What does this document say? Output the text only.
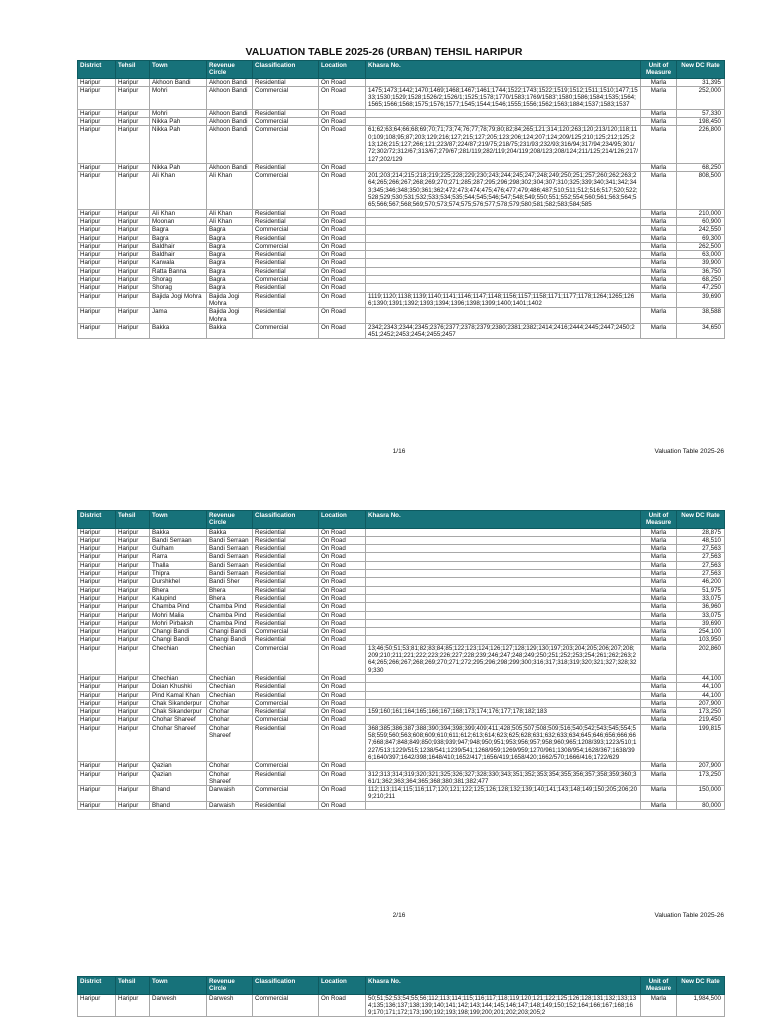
VALUATION TABLE 2025-26 (URBAN) TEHSIL HARIPUR
District	Tehsil	Town	Revenue Circle	Classification	Location	Khasra No.	Unit of Measure	New DC Rate
Haripur	Haripur	Akhoon Bandi	Akhoon Bandi	Residential	On Road		Marla	31,395
Haripur	Haripur	Mohri	Akhoon Bandi	Commercial	On Road	1475;1473;1442;1470;1469;1468;1467;1461;1744;1522;1743;1522;1519;1512;1511;1510;1477;1533;1530;1529;1528;1526/2;1526/1;1525;1578;1770/1583;1769/1583';1580;1586;1584;1535;1564;1565;1566;1568;1575;1576;1577;1545;1544;1546;1555;1556;1562;1563;1884;1537;1583;1537	Marla	252,000
Haripur	Haripur	Mohri	Akhoon Bandi	Residential	On Road		Marla	57,330
Haripur	Haripur	Nikka Pah	Akhoon Bandi	Commercial	On Road		Marla	198,450
Haripur	Haripur	Nikka Pah	Akhoon Bandi	Commercial	On Road	61;62;63;64;66;68;69;70;71;73;74;76;77;78;79;80;82;84;265;121;314;120;263;120;213/120;118;110;109;108;95;87;203;129;216;127;215;127;205;123;206;124;207;124;209/125;210;125;212;125;213;126;215;127;266;121;223/87;224/87;219/75;218/75;231/93;232/93;316/94;317/94;234/95;301/72;302/72;312/67;313/67;279/67;281/119;282/119;204/119;208/123;208/124;211/125;214/126;217/127;202/129	Marla	226,800
Haripur	Haripur	Nikka Pah	Akhoon Bandi	Residential	On Road		Marla	68,250
Haripur	Haripur	Ali Khan	Ali Khan	Commercial	On Road	201;203;214;215;218;219;225;228;229;230;243;244;245;247;248;249;250;251;257;260;262;263;264;265;266;267;268;269;270;271;285;287;295;296;298;302;304;307;310;325;339;340;341;342;343;345;346;348;350;361;362;472;473;474;475;476;477;479;486;487;510;511;512;516;517;520;522;528;529;530;531;532;533;534;535;544;545;546;547;548;549;550;551;552;554;560;561;563;564;565;566;567;568;569;570;573;574;575;576;577;578;579;580;581;582;583;584;585	Marla	808,500
Haripur	Haripur	Ali Khan	Ali Khan	Residential	On Road		Marla	210,000
Haripur	Haripur	Moonan	Ali Khan	Residential	On Road		Marla	60,900
Haripur	Haripur	Bagra	Bagra	Commercial	On Road		Marla	242,550
Haripur	Haripur	Bagra	Bagra	Residential	On Road		Marla	69,300
Haripur	Haripur	Baldhair	Bagra	Commercial	On Road		Marla	262,500
Haripur	Haripur	Baldhair	Bagra	Residential	On Road		Marla	63,000
Haripur	Haripur	Karwala	Bagra	Residential	On Road		Marla	39,900
Haripur	Haripur	Ratta Banna	Bagra	Residential	On Road		Marla	36,750
Haripur	Haripur	Shorag	Bagra	Commercial	On Road		Marla	68,250
Haripur	Haripur	Shorag	Bagra	Residential	On Road		Marla	47,250
Haripur	Haripur	Bajida Jogi Mohra	Bajida Jogi Mohra	Residential	On Road	1119;1120;1138;1139;1140;1141;1146;1147;1148;1156;1157;1158;1171;1177;1178;1264;1265;1266;1390;1391;1392;1393;1394;1396;1398;1399;1400;1401;1402	Marla	39,690
Haripur	Haripur	Jama	Bajida Jogi Mohra	Residential	On Road		Marla	38,588
Haripur	Haripur	Bakka	Bakka	Commercial	On Road	2342;2343;2344;2345;2376;2377;2378;2379;2380;2381;2382;2414;2416;2444;2445;2447;2450;2451;2452;2453;2454;2455;2457	Marla	34,650
1/16	Valuation Table 2025-26
District	Tehsil	Town	Revenue Circle	Classification	Location	Khasra No.	Unit of Measure	New DC Rate
Haripur	Haripur	Bakka	Bakka	Residential	On Road		Marla	28,875
Haripur	Haripur	Bandi Serraan	Bandi Serraan	Residential	On Road		Marla	48,510
Haripur	Haripur	Gulham	Bandi Serraan	Residential	On Road		Marla	27,563
Haripur	Haripur	Rarra	Bandi Serraan	Residential	On Road		Marla	27,563
Haripur	Haripur	Thalla	Bandi Serraan	Residential	On Road		Marla	27,563
Haripur	Haripur	Thipra	Bandi Serraan	Residential	On Road		Marla	27,563
Haripur	Haripur	Durshkhel	Bandi Sher	Residential	On Road		Marla	46,200
Haripur	Haripur	Bhera	Bhera	Residential	On Road		Marla	51,975
Haripur	Haripur	Kalupind	Bhera	Residential	On Road		Marla	33,075
Haripur	Haripur	Chamba Pind	Chamba Pind	Residential	On Road		Marla	36,960
Haripur	Haripur	Mohri Malia	Chamba Pind	Residential	On Road		Marla	33,075
Haripur	Haripur	Mohri Pirbaksh	Chamba Pind	Residential	On Road		Marla	39,690
Haripur	Haripur	Changi Bandi	Changi Bandi	Commercial	On Road		Marla	254,100
Haripur	Haripur	Changi Bandi	Changi Bandi	Residential	On Road		Marla	103,950
Haripur	Haripur	Chechian	Chechian	Commercial	On Road	13;46;50;51;53;81;82;83;84;85;122;123;124;126;127;128;129;130;197;203;204;205;206;207;208;209;210;211;221;222;223;226;227;228;239;246;247;248;249;250;251;252;253;254;261;262;263;264;265;266;267;268;269;270;271;272;295;296;298;299;300;316;317;318;319;320;321;327;328;329;330	Marla	202,860
Haripur	Haripur	Chechian	Chechian	Residential	On Road		Marla	44,100
Haripur	Haripur	Doian Khushki	Chechian	Residential	On Road		Marla	44,100
Haripur	Haripur	Pind Kamal Khan	Chechian	Residential	On Road		Marla	44,100
Haripur	Haripur	Chak Sikanderpur	Chohar	Commercial	On Road		Marla	207,900
Haripur	Haripur	Chak Sikanderpur	Chohar	Residential	On Road	159;160;161;164;165;166;167;168;173;174;176;177;178;182;183	Marla	173,250
Haripur	Haripur	Chohar Shareef	Chohar	Commercial	On Road		Marla	219,450
Haripur	Haripur	Chohar Shareef	Chohar Shareef	Residential	On Road	368;385;386;387;388;390;394;398;399;409;411;428;505;507;508;509;516;540;542;543;545;554;558;559;560;563;608;609;610;611;612;613;614;623;625;628;631;632;633;634;645;646;656;666;667;668;847;848;849;850;938;939;947;948;950;951;953;956;957;958;960;965;1208/393;1223/510;1227/513;1229/515;1238/541;1239/541;1268/959;1269/959;1270/961;1308/954;1628/367;1638/396;1640/397;1642/398;1648/410;1652/417;1656/419;1658/420;1662/570;1666/416;1722/629	Marla	199,815
Haripur	Haripur	Qazian	Chohar	Commercial	On Road		Marla	207,900
Haripur	Haripur	Qazian	Chohar Shareef	Residential	On Road	312;313;314;319;320;321;325;326;327;328;330;343;351;352;353;354;355;356;357;358;359;360;361/1;362;363;364;365;368;380;381;382;477	Marla	173,250
Haripur	Haripur	Bhand	Darwaish	Commercial	On Road	112;113;114;115;116;117;120;121;122;125;126;128;132;139;140;141;143;148;149;150;205;206;209;210;211	Marla	150,000
Haripur	Haripur	Bhand	Darwaish	Residential	On Road		Marla	80,000
2/16	Valuation Table 2025-26
District	Tehsil	Town	Revenue Circle	Classification	Location	Khasra No.	Unit of Measure	New DC Rate
Haripur	Haripur	Darwesh	Darwesh	Commercial	On Road	50;51;52;53;54;55;56;112;113;114;115;116;117;118;119;120;121;122;125;126;128;131;132;133;134;135;136;137;138;139;140;141;142;143;144;145;146;147;148;149;150;152;164;166;167;168;169;170;171;172;173;190;192;193;198;199;200;201;202;203;205;2	Marla	1,984,500
